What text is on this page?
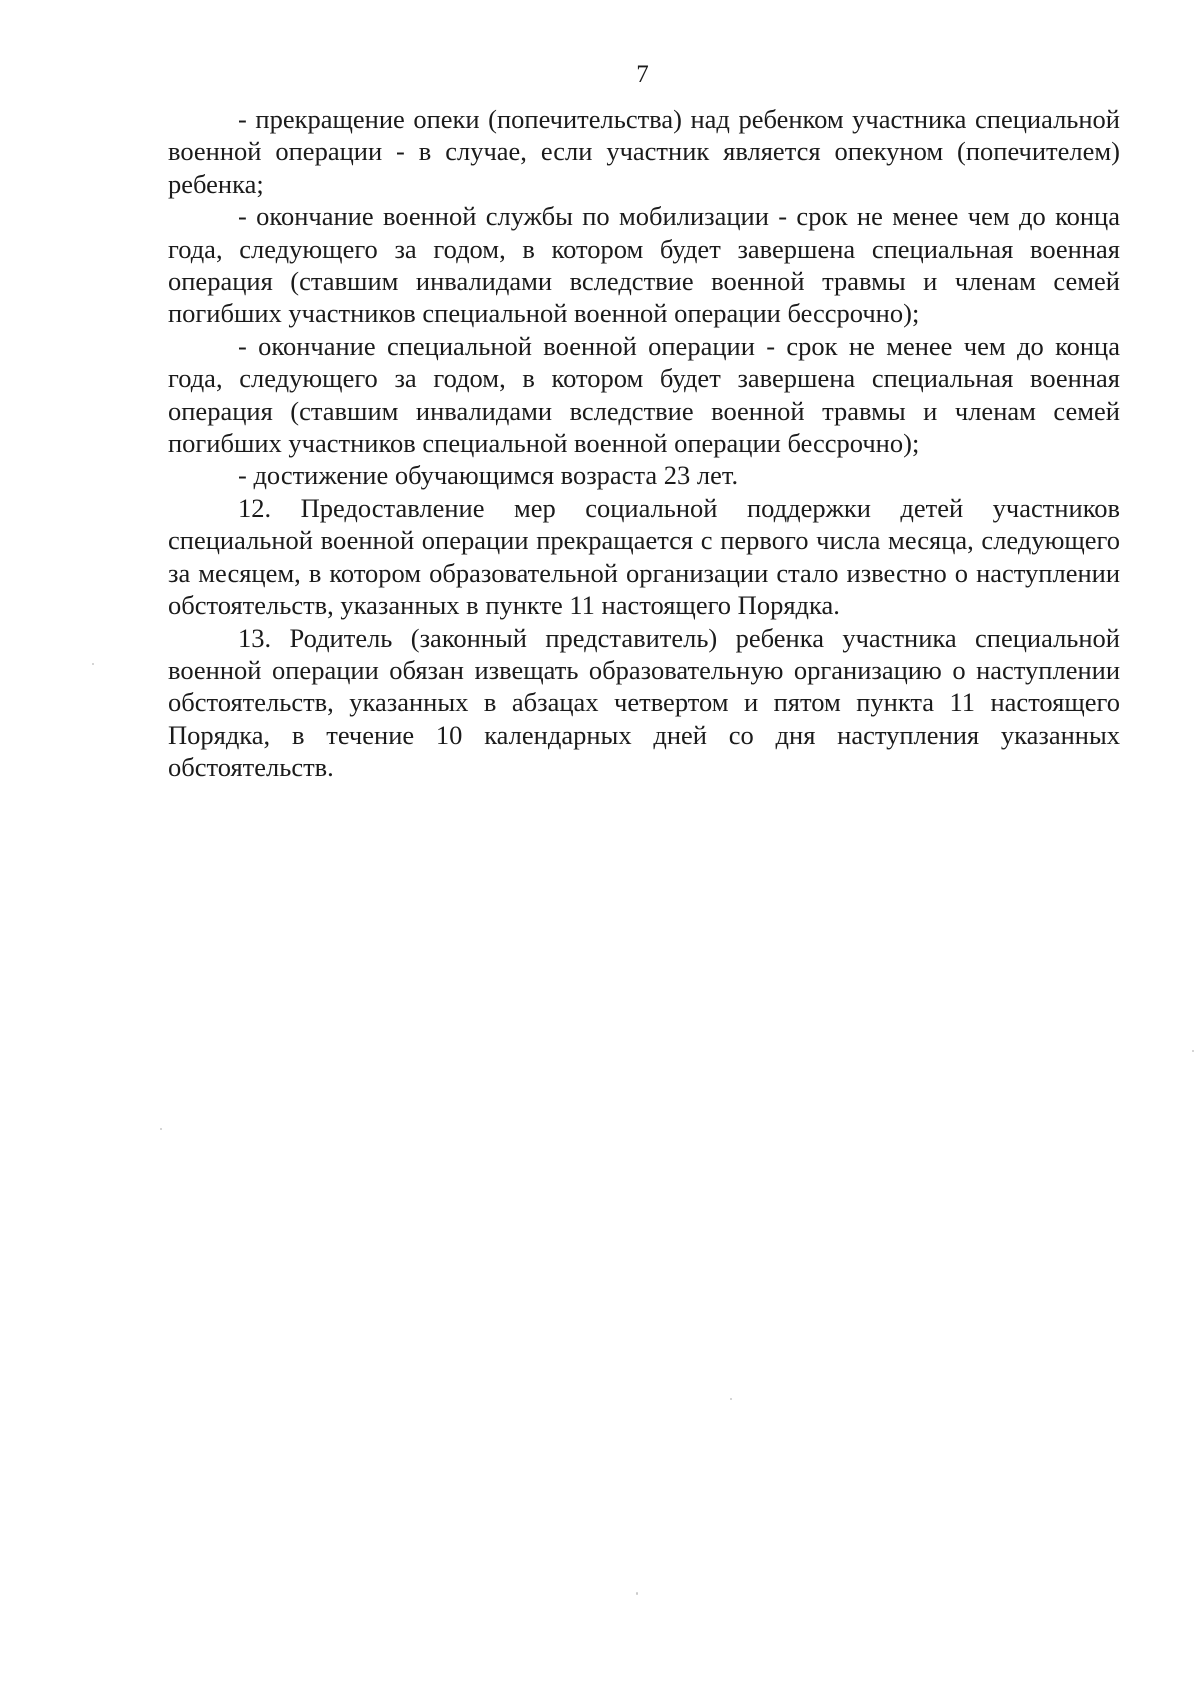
7

- прекращение опеки (попечительства) над ребенком участника специальной военной операции - в случае, если участник является опекуном (попечителем) ребенка;

- окончание военной службы по мобилизации - срок не менее чем до конца года, следующего за годом, в котором будет завершена специальная военная операция (ставшим инвалидами вследствие военной травмы и членам семей погибших участников специальной военной операции бессрочно);

- окончание специальной военной операции - срок не менее чем до конца года, следующего за годом, в котором будет завершена специальная военная операция (ставшим инвалидами вследствие военной травмы и членам семей погибших участников специальной военной операции бессрочно);

- достижение обучающимся возраста 23 лет.

12. Предоставление мер социальной поддержки детей участников специальной военной операции прекращается с первого числа месяца, следующего за месяцем, в котором образовательной организации стало известно о наступлении обстоятельств, указанных в пункте 11 настоящего Порядка.

13. Родитель (законный представитель) ребенка участника специальной военной операции обязан извещать образовательную организацию о наступлении обстоятельств, указанных в абзацах четвертом и пятом пункта 11 настоящего Порядка, в течение 10 календарных дней со дня наступления указанных обстоятельств.
